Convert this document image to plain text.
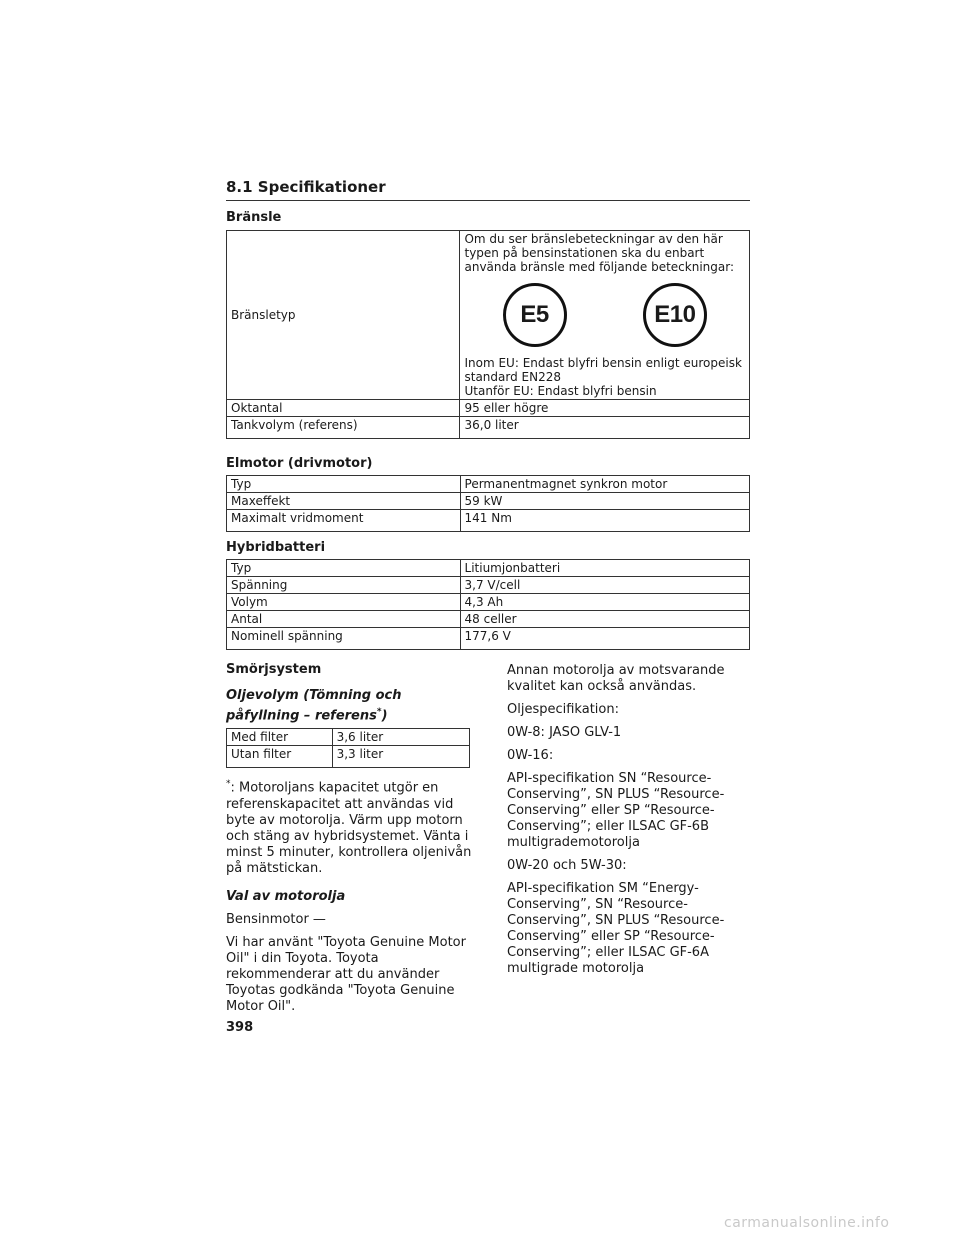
8.1 Specifikationer
Bränsle
Bränsletyp	Om du ser bränslebeteckningar av den här typen på bensinstationen ska du enbart använda bränsle med följande beteckningar:
E5 E10
Inom EU: Endast blyfri bensin enligt europeisk standard EN228
Utanför EU: Endast blyfri bensin

Oktantal	95 eller högre
Tankvolym (referens)	36,0 liter
Elmotor (drivmotor)
Typ	Permanentmagnet synkron motor
Maxeffekt	59 kW
Maximalt vridmoment	141 Nm
Hybridbatteri
Typ	Litiumjonbatteri
Spänning	3,7 V/cell
Volym	4,3 Ah
Antal	48 celler
Nominell spänning	177,6 V

Smörjsystem

Oljevolym (Tömning och påfyllning – referens*)

Med filter	3,6 liter
Utan filter	3,3 liter

*: Motoroljans kapacitet utgör en referenskapacitet att användas vid byte av motorolja. Värm upp motorn och stäng av hybridsystemet. Vänta i minst 5 minuter, kontrollera oljenivån på mätstickan.

Val av motorolja

Bensinmotor —

Vi har använt "Toyota Genuine Motor Oil" i din Toyota. Toyota rekommenderar att du använder Toyotas godkända "Toyota Genuine Motor Oil".

Annan motorolja av motsvarande kvalitet kan också användas.

Oljespecifikation:

0W-8: JASO GLV-1

0W-16:

API-specifikation SN “Resource-Conserving”, SN PLUS “Resource-Conserving” eller SP “Resource-Conserving”; eller ILSAC GF-6B multigrademotorolja

0W-20 och 5W-30:

API-specifikation SM “Energy-Conserving”, SN “Resource-Conserving”, SN PLUS “Resource-Conserving” eller SP “Resource-Conserving”; eller ILSAC GF-6A multigrade motorolja

398
carmanualsonline.info
